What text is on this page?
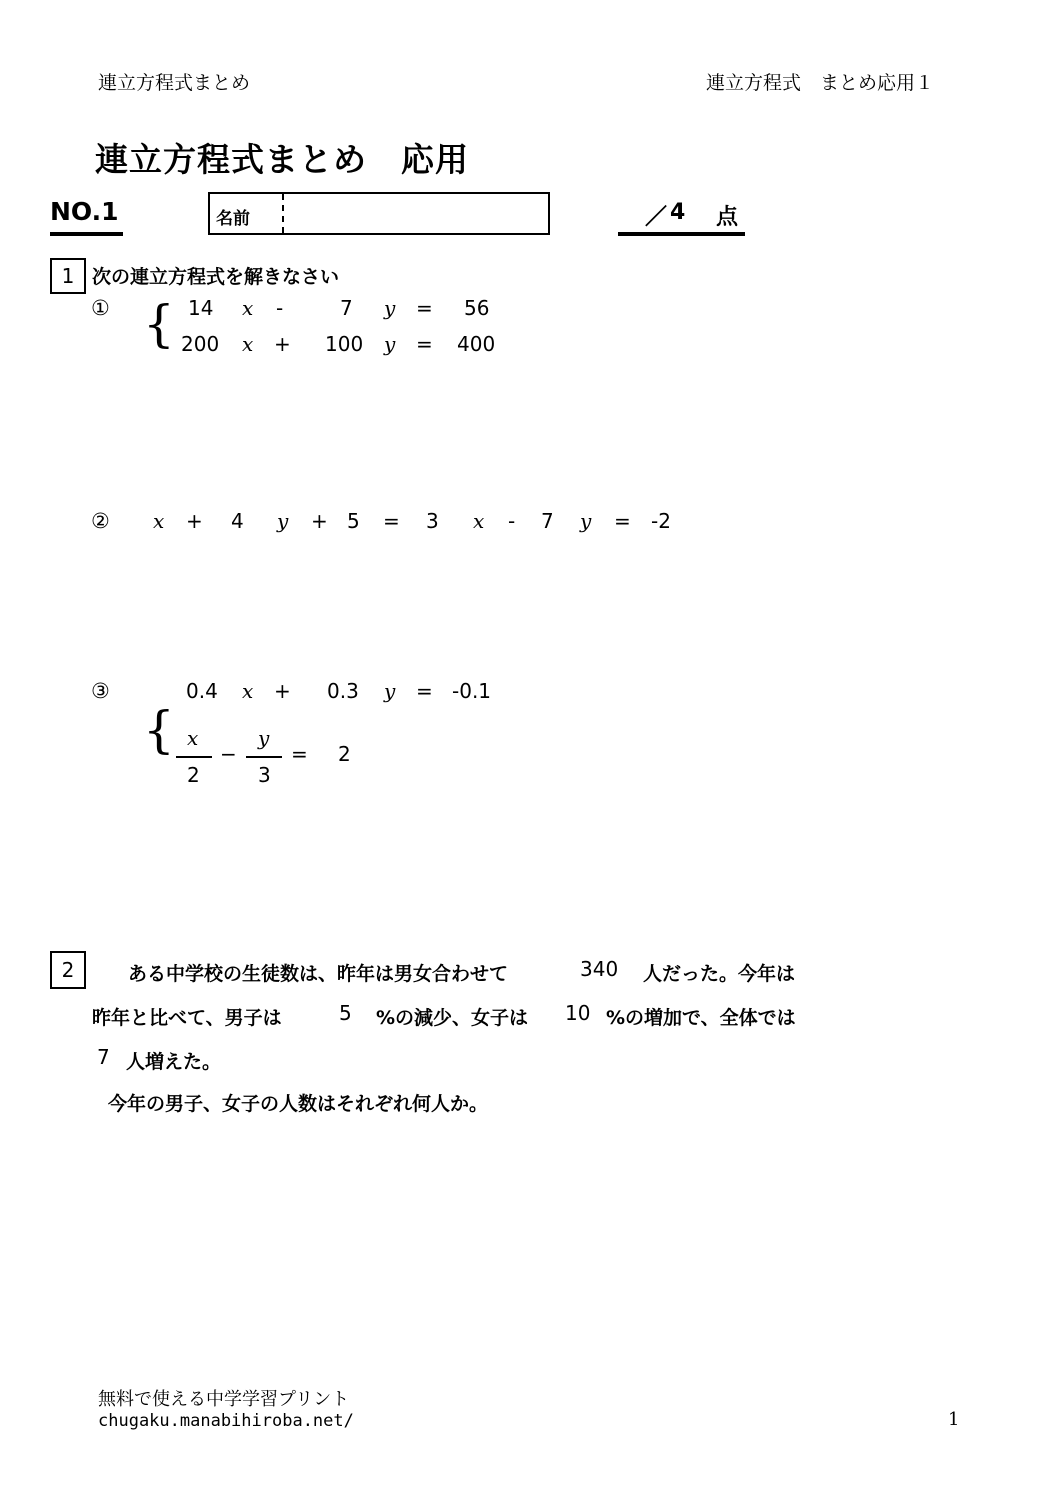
連立方程式まとめ	連立方程式　まとめ応用１
連立方程式まとめ　応用
NO.1	名前	／ 4 点
1 次の連立方程式を解きなさい
① { 14 x -	7 y = 56
200 x + 100 y = 400
② x + 4 y + 5 = 3 x - 7 y = -2
③
{
0.4 x + 0.3 y = -0.1
x
2
−
y
3
= 2
2	ある中学校の生徒数は、昨年は男女合わせて	340 人だった。今年は
昨年と比べて、男子は	5 %の減少、女子は 10 %の増加で、全体では
7 人増えた。
今年の男子、女子の人数はそれぞれ何人か。
無料で使える中学学習プリント
chugaku.manabihiroba.net/	1
